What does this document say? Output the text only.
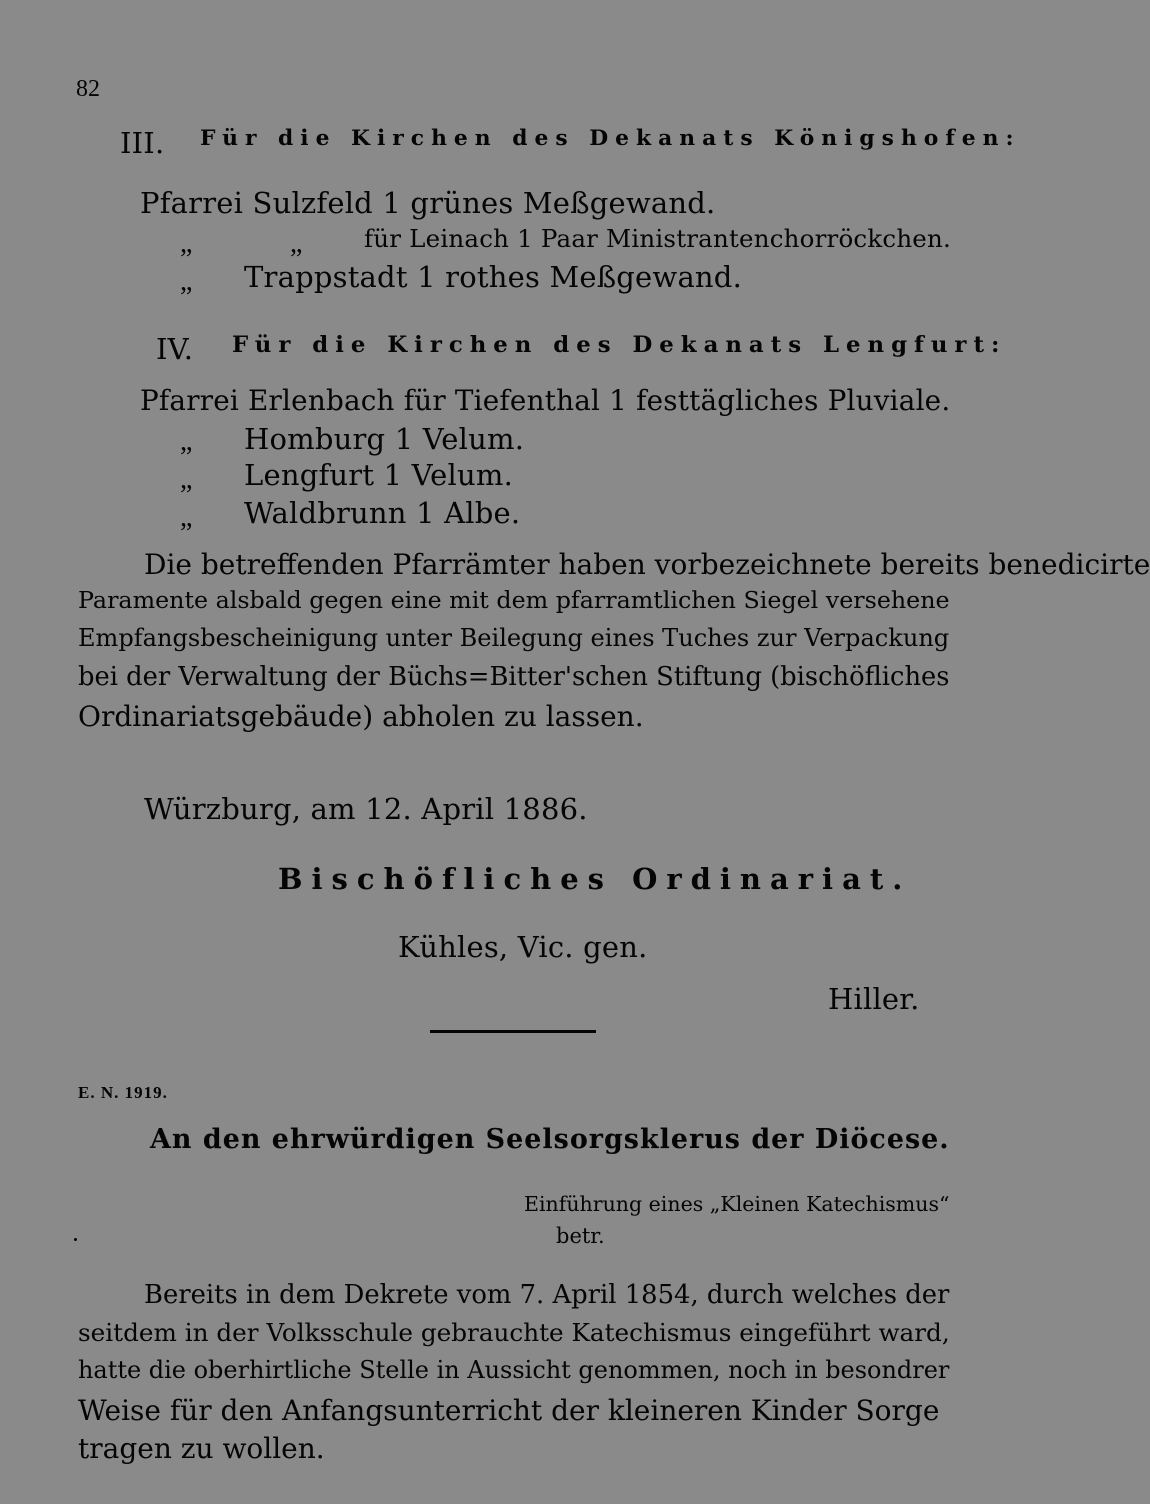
82
III. Für die Kirchen des Dekanats Königshofen:
Pfarrei Sulzfeld 1 grünes Meßgewand.
„	„	für Leinach 1 Paar Ministrantenchorröckchen.
„ Trappstadt 1 rothes Meßgewand.
IV. Für die Kirchen des Dekanats Lengfurt:
Pfarrei Erlenbach für Tiefenthal 1 festtägliches Pluviale.
„ Homburg 1 Velum.
„ Lengfurt 1 Velum.
„ Waldbrunn 1 Albe.
Die betreffenden Pfarrämter haben vorbezeichnete bereits benedicirte
Paramente alsbald gegen eine mit dem pfarramtlichen Siegel versehene
Empfangsbescheinigung unter Beilegung eines Tuches zur Verpackung
bei der Verwaltung der Büchs=Bitter'schen Stiftung (bischöfliches
Ordinariatsgebäude) abholen zu lassen.
Würzburg, am 12. April 1886.
Bischöfliches Ordinariat.
Kühles, Vic. gen.
Hiller.
E. N. 1919.
An den ehrwürdigen Seelsorgsklerus der Diöcese.
Einführung eines „Kleinen Katechismus“
betr.
Bereits in dem Dekrete vom 7. April 1854, durch welches der
seitdem in der Volksschule gebrauchte Katechismus eingeführt ward,
hatte die oberhirtliche Stelle in Aussicht genommen, noch in besondrer
Weise für den Anfangsunterricht der kleineren Kinder Sorge
tragen zu wollen.
